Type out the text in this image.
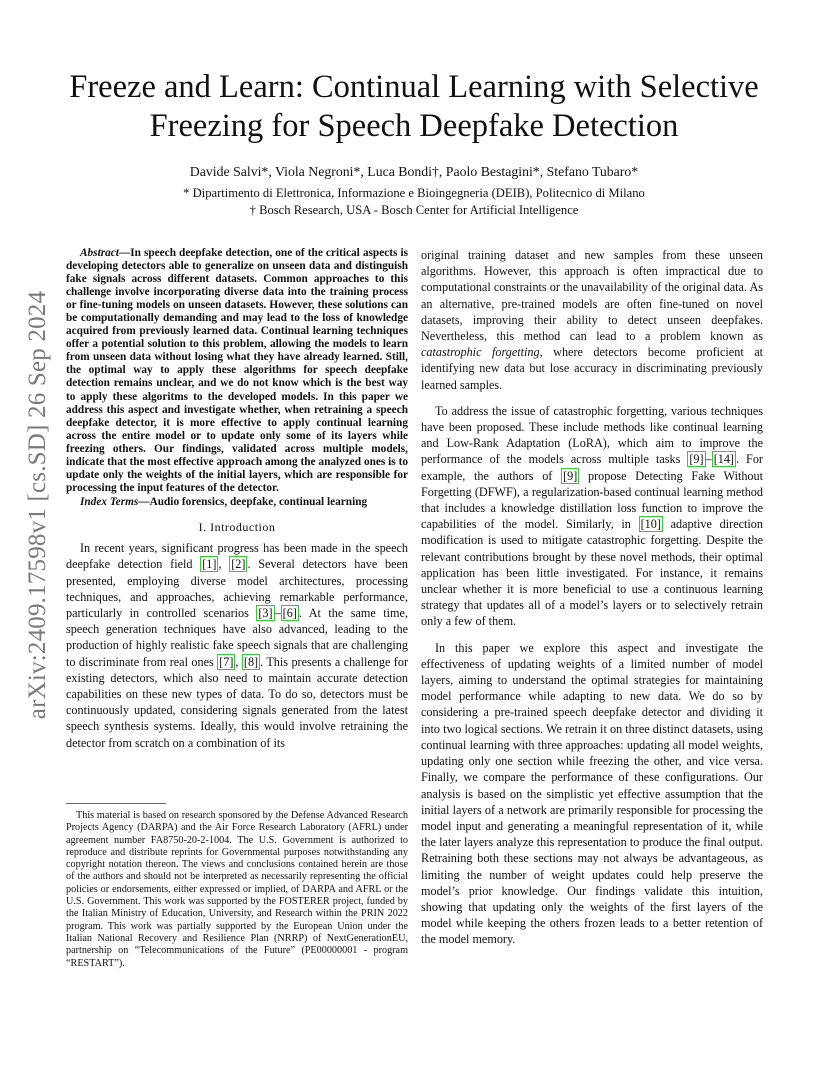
arXiv:2409.17598v1 [cs.SD] 26 Sep 2024
Freeze and Learn: Continual Learning with Selective Freezing for Speech Deepfake Detection
Davide Salvi*, Viola Negroni*, Luca Bondi†, Paolo Bestagini*, Stefano Tubaro*
* Dipartimento di Elettronica, Informazione e Bioingegneria (DEIB), Politecnico di Milano
† Bosch Research, USA - Bosch Center for Artificial Intelligence

Abstract—In speech deepfake detection, one of the critical aspects is developing detectors able to generalize on unseen data and distinguish fake signals across different datasets. Common approaches to this challenge involve incorporating diverse data into the training process or fine-tuning models on unseen datasets. However, these solutions can be computationally demanding and may lead to the loss of knowledge acquired from previously learned data. Continual learning techniques offer a potential solution to this problem, allowing the models to learn from unseen data without losing what they have already learned. Still, the optimal way to apply these algorithms for speech deepfake detection remains unclear, and we do not know which is the best way to apply these algoritms to the developed models. In this paper we address this aspect and investigate whether, when retraining a speech deepfake detector, it is more effective to apply continual learning across the entire model or to update only some of its layers while freezing others. Our findings, validated across multiple models, indicate that the most effective approach among the analyzed ones is to update only the weights of the initial layers, which are responsible for processing the input features of the detector.

Index Terms—Audio forensics, deepfake, continual learning

I. Introduction

In recent years, significant progress has been made in the speech deepfake detection field [1] , [2] . Several detectors have been presented, employing diverse model architectures, processing techniques, and approaches, achieving remarkable performance, particularly in controlled scenarios [3] – [6] . At the same time, speech generation techniques have also advanced, leading to the production of highly realistic fake speech signals that are challenging to discriminate from real ones [7] , [8] . This presents a challenge for existing detectors, which also need to maintain accurate detection capabilities on these new types of data. To do so, detectors must be continuously updated, considering signals generated from the latest speech synthesis systems. Ideally, this would involve retraining the detector from scratch on a combination of its

This material is based on research sponsored by the Defense Advanced Research Projects Agency (DARPA) and the Air Force Research Laboratory (AFRL) under agreement number FA8750-20-2-1004. The U.S. Government is authorized to reproduce and distribute reprints for Governmental purposes notwithstanding any copyright notation thereon. The views and conclusions contained herein are those of the authors and should not be interpreted as necessarily representing the official policies or endorsements, either expressed or implied, of DARPA and AFRL or the U.S. Government. This work was supported by the FOSTERER project, funded by the Italian Ministry of Education, University, and Research within the PRIN 2022 program. This work was partially supported by the European Union under the Italian National Recovery and Resilience Plan (NRRP) of NextGenerationEU, partnership on “Telecommunications of the Future” (PE00000001 - program “RESTART”).

original training dataset and new samples from these unseen algorithms. However, this approach is often impractical due to computational constraints or the unavailability of the original data. As an alternative, pre-trained models are often fine-tuned on novel datasets, improving their ability to detect unseen deepfakes. Nevertheless, this method can lead to a problem known as catastrophic forgetting, where detectors become proficient at identifying new data but lose accuracy in discriminating previously learned samples.

To address the issue of catastrophic forgetting, various techniques have been proposed. These include methods like continual learning and Low-Rank Adaptation (LoRA), which aim to improve the performance of the models across multiple tasks [9] – [14] . For example, the authors of [9] propose Detecting Fake Without Forgetting (DFWF), a regularization-based continual learning method that includes a knowledge distillation loss function to improve the capabilities of the model. Similarly, in [10] adaptive direction modification is used to mitigate catastrophic forgetting. Despite the relevant contributions brought by these novel methods, their optimal application has been little investigated. For instance, it remains unclear whether it is more beneficial to use a continuous learning strategy that updates all of a model’s layers or to selectively retrain only a few of them.

In this paper we explore this aspect and investigate the effectiveness of updating weights of a limited number of model layers, aiming to understand the optimal strategies for maintaining model performance while adapting to new data. We do so by considering a pre-trained speech deepfake detector and dividing it into two logical sections. We retrain it on three distinct datasets, using continual learning with three approaches: updating all model weights, updating only one section while freezing the other, and vice versa. Finally, we compare the performance of these configurations. Our analysis is based on the simplistic yet effective assumption that the initial layers of a network are primarily responsible for processing the model input and generating a meaningful representation of it, while the later layers analyze this representation to produce the final output. Retraining both these sections may not always be advantageous, as limiting the number of weight updates could help preserve the model’s prior knowledge. Our findings validate this intuition, showing that updating only the weights of the first layers of the model while keeping the others frozen leads to a better retention of the model memory.
